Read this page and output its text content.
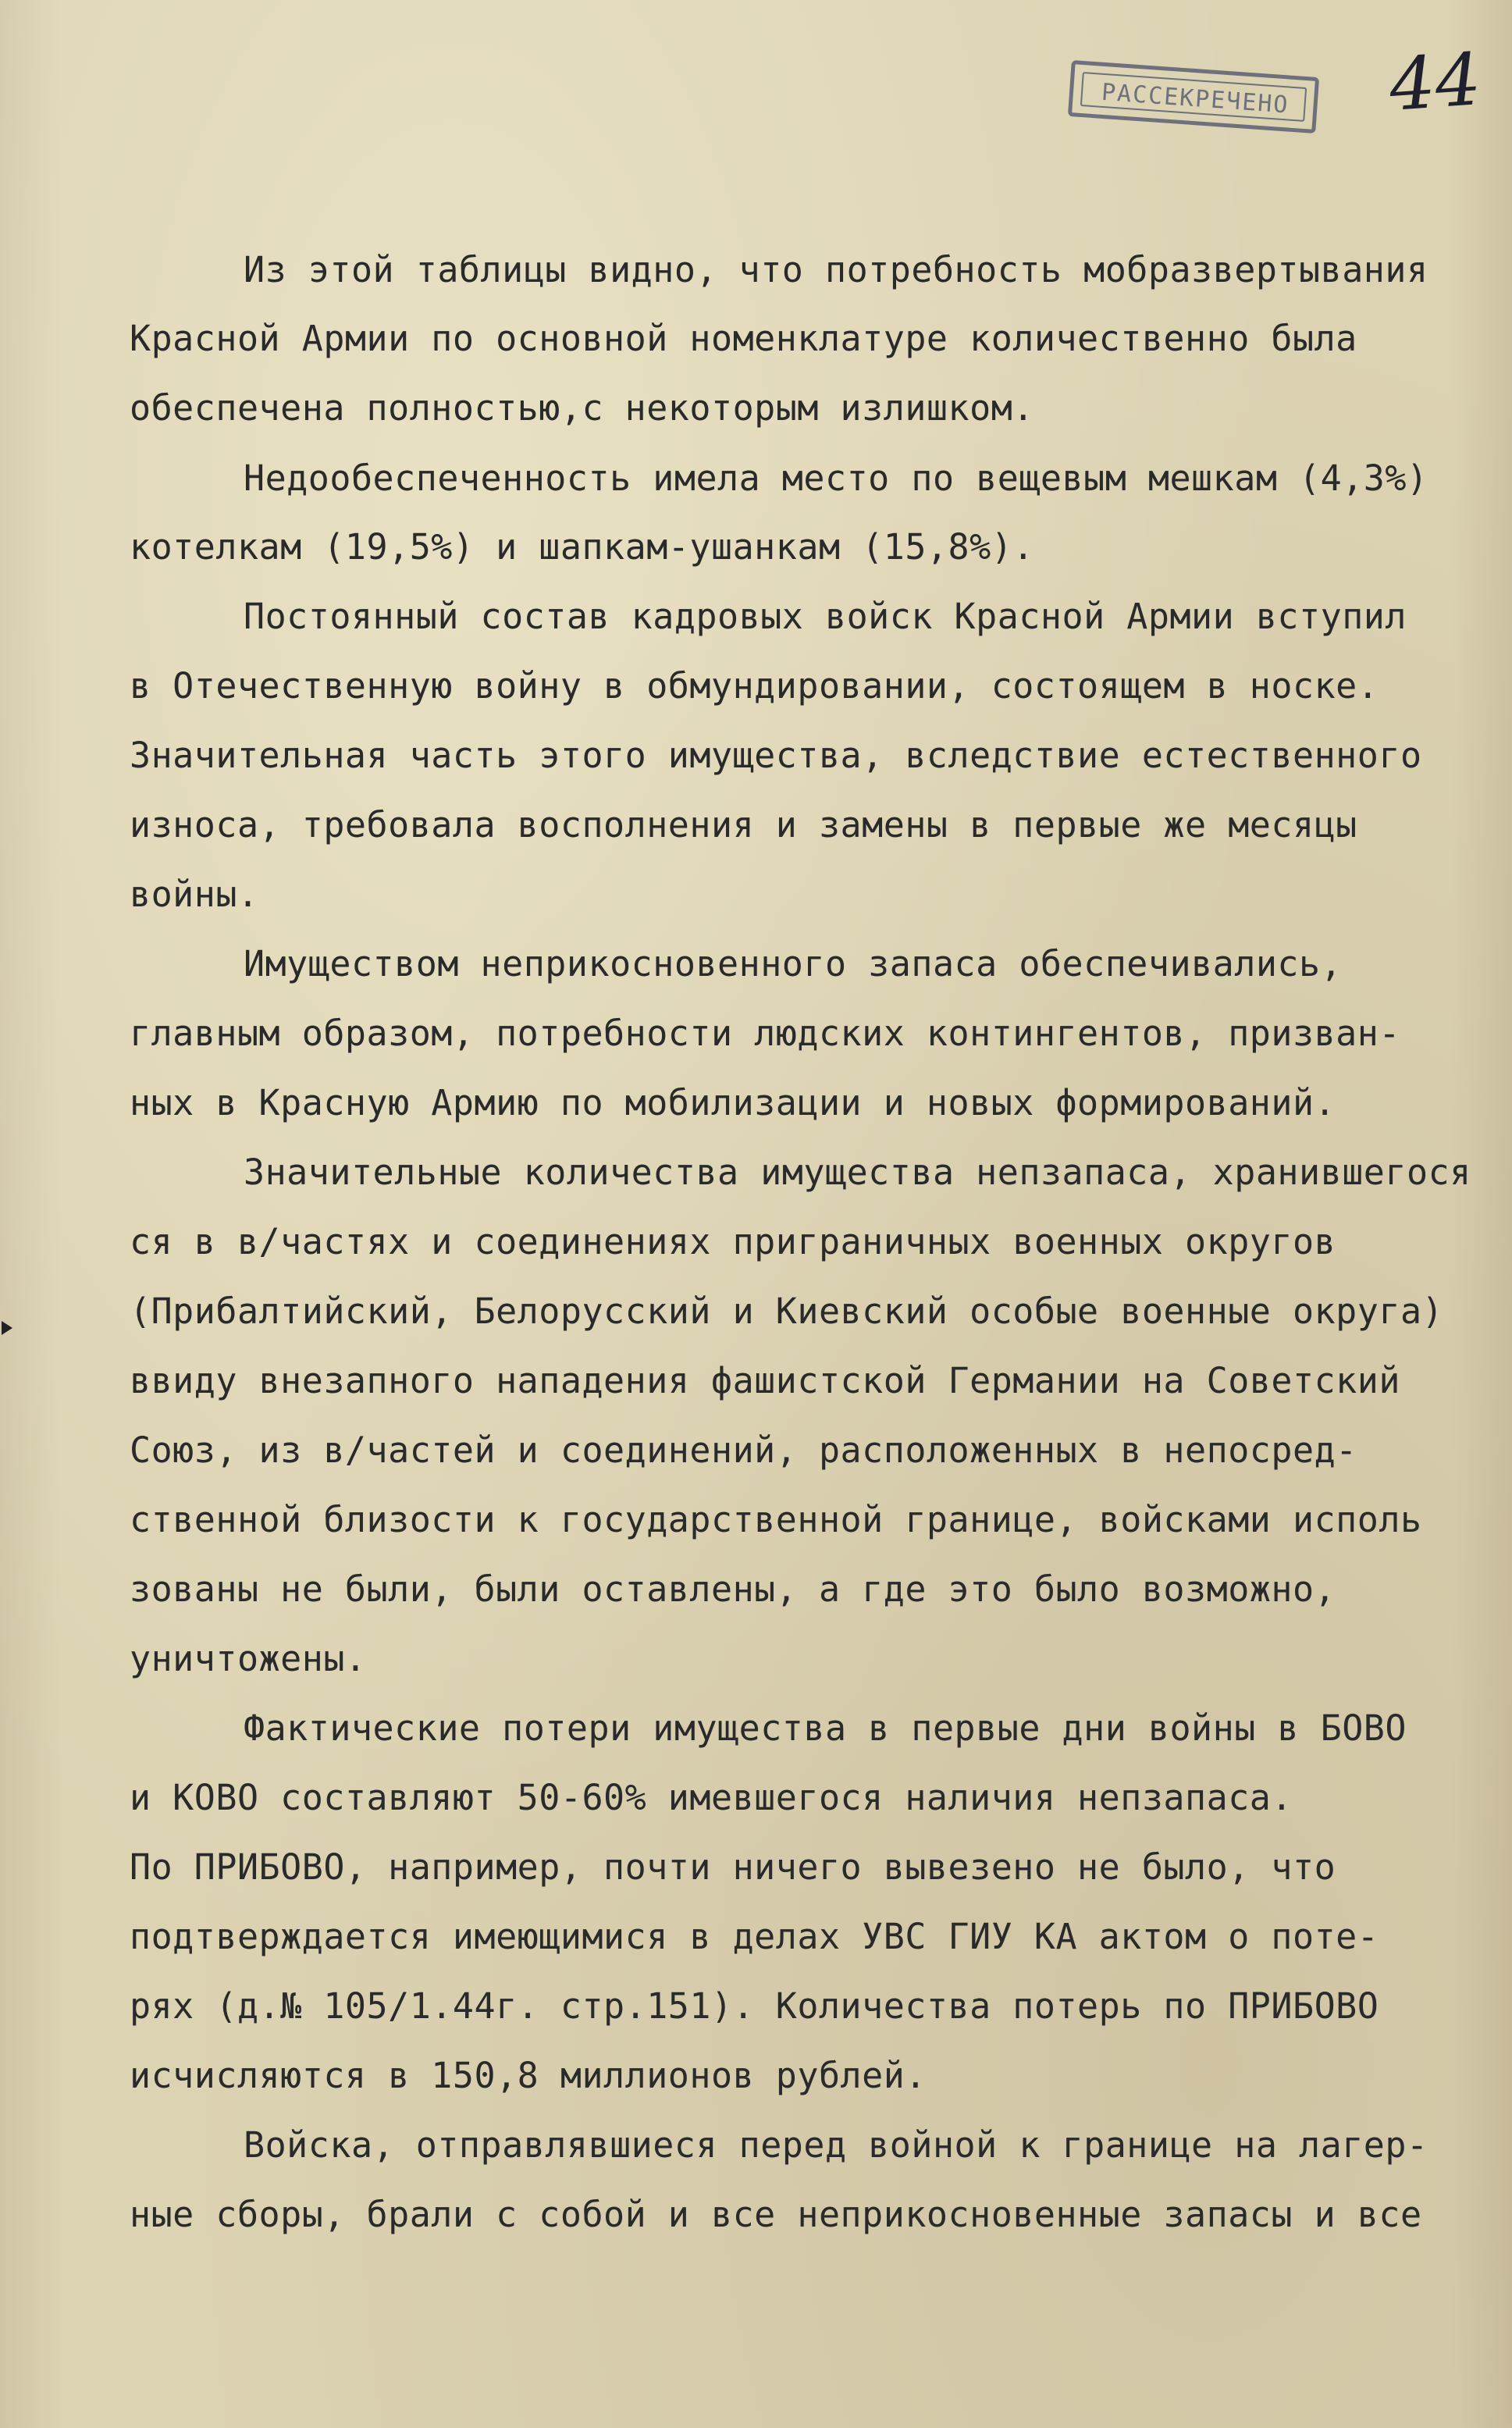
РАССЕКРЕЧЕНО 44
Из этой таблицы видно, что потребность мобразвертывания
Красной Армии по основной номенклатуре количественно была
обеспечена полностью,с некоторым излишком.
Недообеспеченность имела место по вещевым мешкам (4,3%)
котелкам (19,5%) и шапкам-ушанкам (15,8%).
Постоянный состав кадровых войск Красной Армии вступил
в Отечественную войну в обмундировании, состоящем в носке.
Значительная часть этого имущества, вследствие естественного
износа, требовала восполнения и замены в первые же месяцы
войны.
Имуществом неприкосновенного запаса обеспечивались,
главным образом, потребности людских контингентов, призван-
ных в Красную Армию по мобилизации и новых формирований.
Значительные количества имущества непзапаса, хранившегося
ся в в/частях и соединениях приграничных военных округов
(Прибалтийский, Белорусский и Киевский особые военные округа)
ввиду внезапного нападения фашистской Германии на Советский
Союз, из в/частей и соединений, расположенных в непосред-
ственной близости к государственной границе, войсками исполь
зованы не были, были оставлены, а где это было возможно,
уничтожены.
Фактические потери имущества в первые дни войны в БОВО
и КОВО составляют 50-60% имевшегося наличия непзапаса.
По ПРИБОВО, например, почти ничего вывезено не было, что
подтверждается имеющимися в делах УВС ГИУ КА актом о поте-
рях (д.№ 105/1.44г. стр.151). Количества потерь по ПРИБОВО
исчисляются в 150,8 миллионов рублей.
Войска, отправлявшиеся перед войной к границе на лагер-
ные сборы, брали с собой и все неприкосновенные запасы и все
